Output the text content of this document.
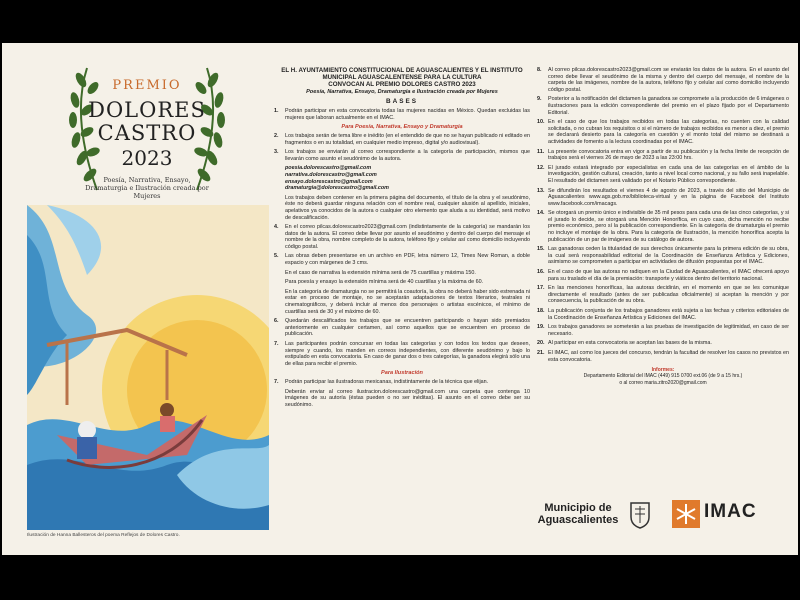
PREMIO
DOLORES
CASTRO
2023
Poesía, Narrativa, Ensayo, Dramaturgia e Ilustración creada por Mujeres
Ilustración de Hanna Ballesteros del poema Reflejos de Dolores Castro.
EL H. AYUNTAMIENTO CONSTITUCIONAL DE AGUASCALIENTES Y EL INSTITUTO MUNICIPAL AGUASCALENTENSE PARA LA CULTURA
CONVOCAN AL PREMIO DOLORES CASTRO 2023
Poesía, Narrativa, Ensayo, Dramaturgia e Ilustración creada por Mujeres
BASES
1.	Podrán participar en esta convocatoria todas las mujeres nacidas en México. Quedan excluidas las mujeres que laboran actualmente en el IMAC.
Para Poesía, Narrativa, Ensayo y Dramaturgia
2.	Los trabajos serán de tema libre e inédito (en el entendido de que no se hayan publicado ni editado en fragmentos o en su totalidad, en cualquier medio impreso, digital y/o audiovisual).
3.	Los trabajos se enviarán al correo correspondiente a la categoría de participación, mismos que llevarán como asunto el seudónimo de la autora.
poesia.dolorescastro@gmail.com
narrativa.dolorescastro@gmail.com
ensayo.dolorescastro@gmail.com
dramaturgia@dolorescastro@gmail.com
Los trabajos deben contener en la primera página del documento, el título de la obra y el seudónimo, éste no deberá guardar ninguna relación con el nombre real, cualquier alusión al apellido, iniciales, apelativos ya conocidos de la autora o cualquier otro elemento que aluda a su identidad, será motivo de descalificación.
4.	En el correo pilcas.dolorescastro2023@gmail.com (indistintamente de la categoría) se mandarán los datos de la autora. El correo debe llevar por asunto el seudónimo y dentro del cuerpo del mensaje el nombre de la obra, nombre completo de la autora, teléfono fijo y celular así como domicilio incluyendo código postal.
5.	Las obras deben presentarse en un archivo en PDF, letra número 12, Times New Roman, a doble espacio y con márgenes de 3 cms.
En el caso de narrativa la extensión mínima será de 75 cuartillas y máxima 150.
Para poesía y ensayo la extensión mínima será de 40 cuartillas y la máxima de 60.
En la categoría de dramaturgia no se permitirá la coautoría, la obra no deberá haber sido estrenada ni estar en proceso de montaje, no se aceptarán adaptaciones de textos literarios, teatrales ni cinematográficos, y deberá incluir al menos dos personajes o artistas escénicos, el mínimo de cuartillas será de 30 y el máximo de 60.
6.	Quedarán descalificados los trabajos que se encuentren participando o hayan sido premiados anteriormente en cualquier certamen, así como aquellos que se encuentren en proceso de publicación.
7.	Las participantes podrán concursar en todas las categorías y con todos los textos que deseen, siempre y cuando, los manden en correos independientes, con diferente seudónimo y bajo lo estipulado en esta convocatoria. En caso de ganar dos o tres categorías, la ganadora elegirá sólo una de ellas para recibir el premio.
Para Ilustración
7.	Podrán participar las ilustradoras mexicanas, indistintamente de la técnica que elijan.
Deberán enviar al correo ilustracion.dolorescastro@gmail.com una carpeta que contenga 10 imágenes de su autoría (éstas pueden o no ser inéditas). El asunto en el correo debe ser su seudónimo.
8.	Al correo pilcas.dolorescastro2023@gmail.com se enviarán los datos de la autora. En el asunto del correo debe llevar el seudónimo de la misma y dentro del cuerpo del mensaje, el nombre de la carpeta de las imágenes, nombre de la autora, teléfono fijo y celular así como domicilio incluyendo código postal.
9.	Posterior a la notificación del dictamen la ganadora se compromete a la producción de 6 imágenes o ilustraciones para la edición correspondiente del premio en el plazo fijado por el Departamento Editorial.
10. En el caso de que los trabajos recibidos en todas las categorías, no cuenten con la calidad solicitada, o no cubran los requisitos o si el número de trabajos recibidos es menor a diez, el premio se declarará desierto para la categoría en cuestión y el monto total del mismo se destinará a actividades de fomento a la lectura coordinadas por el IMAC.
11. La presente convocatoria entra en vigor a partir de su publicación y la fecha límite de recepción de trabajos será el viernes 26 de mayo de 2023 a las 23:00 hrs.
12. El jurado estará integrado por especialistas en cada una de las categorías en el ámbito de la investigación, gestión cultural, creación, tanto a nivel local como nacional, y su fallo será inapelable. El resultado del dictamen será validado por el Notario Público correspondiente.
13. Se difundirán los resultados el viernes 4 de agosto de 2023, a través del sitio del Municipio de Aguascalientes www.ags.gob.mx/biblioteca-virtual y en la página de Facebook del Instituto www.facebook.com/imacags.
14. Se otorgará un premio único e indivisible de 35 mil pesos para cada una de las cinco categorías, y si el jurado lo decide, se otorgará una Mención Honorífica, en cuyo caso, dicha mención no recibe premio económico, pero sí la publicación correspondiente. En la categoría de dramaturgia el premio no incluye el montaje de la obra. Para la categoría de Ilustración, la mención honorífica acepta la publicación de un par de imágenes de su catálogo de autora.
15. Las ganadoras ceden la titularidad de sus derechos únicamente para la primera edición de su obra, la cual será responsabilidad editorial de la Coordinación de Enseñanza Artística y Ediciones, asimismo se comprometen a participar en actividades de difusión propuestas por el IMAC.
16. En el caso de que las autoras no radiquen en la Ciudad de Aguascalientes, el IMAC ofrecerá apoyo para su traslado el día de la premiación: transporte y viáticos dentro del territorio nacional.
17. En las menciones honoríficas, las autoras decidirán, en el momento en que se les comunique directamente el resultado (antes de ser publicadas oficialmente) si aceptan la mención y por consecuencia, la publicación de su obra.
18. La publicación conjunta de los trabajos ganadores está sujeta a las fechas y criterios editoriales de la Coordinación de Enseñanza Artística y Ediciones del IMAC.
19. Los trabajos ganadores se someterán a las pruebas de investigación de legitimidad, en caso de ser necesario.
20. Al participar en esta convocatoria se aceptan las bases de la misma.
21. El IMAC, así como los jueces del concurso, tendrán la facultad de resolver los casos no previstos en esta convocatoria.
Informes:
Departamento Editorial del IMAC (449) 915 0700 ext.06 (de 9 a 15 hrs.)
o al correo maria.zitro2020@gmail.com
Municipio de Aguascalientes	IMAC
